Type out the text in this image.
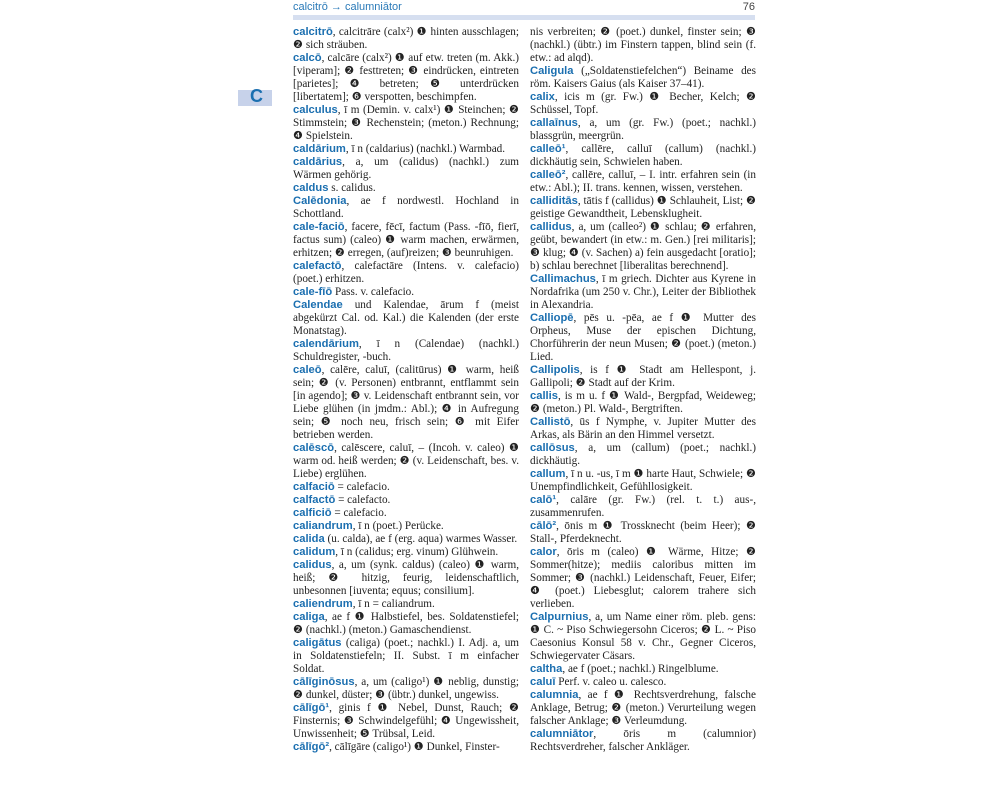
calcitrō → calumniātor	76
C

calcitrō, calcitrāre (calx²) ❶ hinten ausschlagen; ❷ sich sträuben.

calcō, calcāre (calx²) ❶ auf etw. treten (m. Akk.) [viperam]; ❷ festtreten; ❸ eindrücken, eintreten [parietes]; ❹ betreten; ❺ unterdrücken [libertatem]; ❻ verspotten, beschimpfen.

calculus, ī m (Demin. v. calx¹) ❶ Steinchen; ❷ Stimmstein; ❸ Rechenstein; (meton.) Rechnung; ❹ Spielstein.

caldārium, ī n (caldarius) (nachkl.) Warmbad.

caldārius, a, um (calidus) (nachkl.) zum Wärmen gehörig.

caldus s. calidus.

Calēdonia, ae f nordwestl. Hochland in Schottland.

cale-faciō, facere, fēcī, factum (Pass. -fīō, fierī, factus sum) (caleo) ❶ warm machen, erwärmen, erhitzen; ❷ erregen, (auf)reizen; ❸ beunruhigen.

calefactō, calefactāre (Intens. v. calefacio) (poet.) erhitzen.

cale-fīō Pass. v. calefacio.

Calendae und Kalendae, ārum f (meist abgekürzt Cal. od. Kal.) die Kalenden (der erste Monatstag).

calendārium, ī n (Calendae) (nachkl.) Schuldregister, -buch.

caleō, calēre, caluī, (calitūrus) ❶ warm, heiß sein; ❷ (v. Personen) entbrannt, entflammt sein [in agendo]; ❸ v. Leidenschaft entbrannt sein, vor Liebe glühen (in jmdm.: Abl.); ❹ in Aufregung sein; ❺ noch neu, frisch sein; ❻ mit Eifer betrieben werden.

calēscō, calēscere, caluī, – (Incoh. v. caleo) ❶ warm od. heiß werden; ❷ (v. Leidenschaft, bes. v. Liebe) erglühen.

calfaciō = calefacio.

calfactō = calefacto.

calficiō = calefacio.

caliandrum, ī n (poet.) Perücke.

calida (u. calda), ae f (erg. aqua) warmes Wasser.

calidum, ī n (calidus; erg. vinum) Glühwein.

calidus, a, um (synk. caldus) (caleo) ❶ warm, heiß; ❷ hitzig, feurig, leidenschaftlich, unbesonnen [iuventa; equus; consilium].

caliendrum, ī n = caliandrum.

caliga, ae f ❶ Halbstiefel, bes. Soldatenstiefel; ❷ (nachkl.) (meton.) Gamaschendienst.

caligātus (caliga) (poet.; nachkl.) I. Adj. a, um in Soldatenstiefeln; II. Subst. ī m einfacher Soldat.

cālīginōsus, a, um (caligo¹) ❶ neblig, dunstig; ❷ dunkel, düster; ❸ (übtr.) dunkel, ungewiss.

cālīgō¹, ginis f ❶ Nebel, Dunst, Rauch; ❷ Finsternis; ❸ Schwindelgefühl; ❹ Ungewissheit, Unwissenheit; ❺ Trübsal, Leid.

cālīgō², cālīgāre (caligo¹) ❶ Dunkel, Finster-

nis verbreiten; ❷ (poet.) dunkel, finster sein; ❸ (nachkl.) (übtr.) im Finstern tappen, blind sein (f. etw.: ad alqd).

Caligula („Soldatenstiefelchen“) Beiname des röm. Kaisers Gaius (als Kaiser 37–41).

calix, icis m (gr. Fw.) ❶ Becher, Kelch; ❷ Schüssel, Topf.

callaīnus, a, um (gr. Fw.) (poet.; nachkl.) blassgrün, meergrün.

calleō¹, callēre, calluī (callum) (nachkl.) dickhäutig sein, Schwielen haben.

calleō², callēre, calluī, – I. intr. erfahren sein (in etw.: Abl.); II. trans. kennen, wissen, verstehen.

calliditās, tātis f (callidus) ❶ Schlauheit, List; ❷ geistige Gewandtheit, Lebensklugheit.

callidus, a, um (calleo²) ❶ schlau; ❷ erfahren, geübt, bewandert (in etw.: m. Gen.) [rei militaris]; ❸ klug; ❹ (v. Sachen) a) fein ausgedacht [oratio]; b) schlau berechnet [liberalitas berechnend].

Callimachus, ī m griech. Dichter aus Kyrene in Nordafrika (um 250 v. Chr.), Leiter der Bibliothek in Alexandria.

Calliopē, pēs u. -pēa, ae f ❶ Mutter des Orpheus, Muse der epischen Dichtung, Chorführerin der neun Musen; ❷ (poet.) (meton.) Lied.

Callipolis, is f ❶ Stadt am Hellespont, j. Gallipoli; ❷ Stadt auf der Krim.

callis, is m u. f ❶ Wald-, Bergpfad, Weideweg; ❷ (meton.) Pl. Wald-, Bergtriften.

Callistō, ūs f Nymphe, v. Jupiter Mutter des Arkas, als Bärin an den Himmel versetzt.

callōsus, a, um (callum) (poet.; nachkl.) dickhäutig.

callum, ī n u. -us, ī m ❶ harte Haut, Schwiele; ❷ Unempfindlichkeit, Gefühllosigkeit.

calō¹, calāre (gr. Fw.) (rel. t. t.) aus-, zusammenrufen.

cālō², ōnis m ❶ Trossknecht (beim Heer); ❷ Stall-, Pferdeknecht.

calor, ōris m (caleo) ❶ Wärme, Hitze; ❷ Sommer(hitze); mediis caloribus mitten im Sommer; ❸ (nachkl.) Leidenschaft, Feuer, Eifer; ❹ (poet.) Liebesglut; calorem trahere sich verlieben.

Calpurnius, a, um Name einer röm. pleb. gens: ❶ C. ~ Piso Schwiegersohn Ciceros; ❷ L. ~ Piso Caesonius Konsul 58 v. Chr., Gegner Ciceros, Schwiegervater Cäsars.

caltha, ae f (poet.; nachkl.) Ringelblume.

caluī Perf. v. caleo u. calesco.

calumnia, ae f ❶ Rechtsverdrehung, falsche Anklage, Betrug; ❷ (meton.) Verurteilung wegen falscher Anklage; ❸ Verleumdung.

calumniātor, ōris m (calumnior) Rechtsverdreher, falscher Ankläger.
